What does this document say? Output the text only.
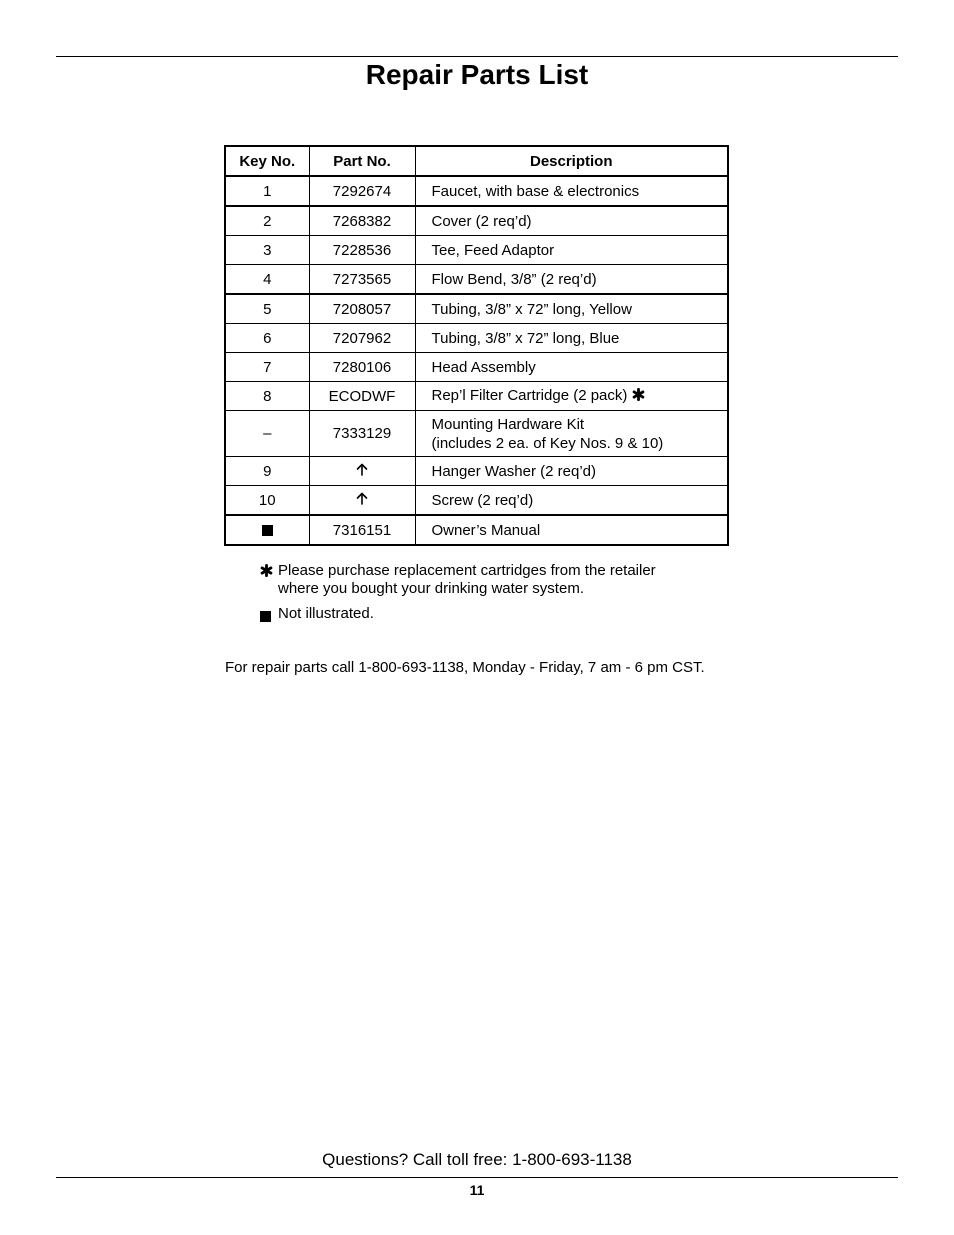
Repair Parts List
Key No.	Part No.	Description
1	7292674	Faucet, with base & electronics
2	7268382	Cover (2 req’d)
3	7228536	Tee, Feed Adaptor
4	7273565	Flow Bend, 3/8” (2 req’d)
5	7208057	Tubing, 3/8” x 72” long, Yellow
6	7207962	Tubing, 3/8” x 72” long, Blue
7	7280106	Head Assembly
8	ECODWF	Rep’l Filter Cartridge (2 pack)
–	7333129	Mounting Hardware Kit
(includes 2 ea. of Key Nos. 9 & 10)

9		Hanger Washer (2 req’d)
10		Screw (2 req’d)
	7316151	Owner’s Manual
Please purchase replacement cartridges from the retailer
where you bought your drinking water system.
Not illustrated.
For repair parts call 1-800-693-1138, Monday - Friday, 7 am - 6 pm CST.
Questions? Call toll free: 1-800-693-1138
11
